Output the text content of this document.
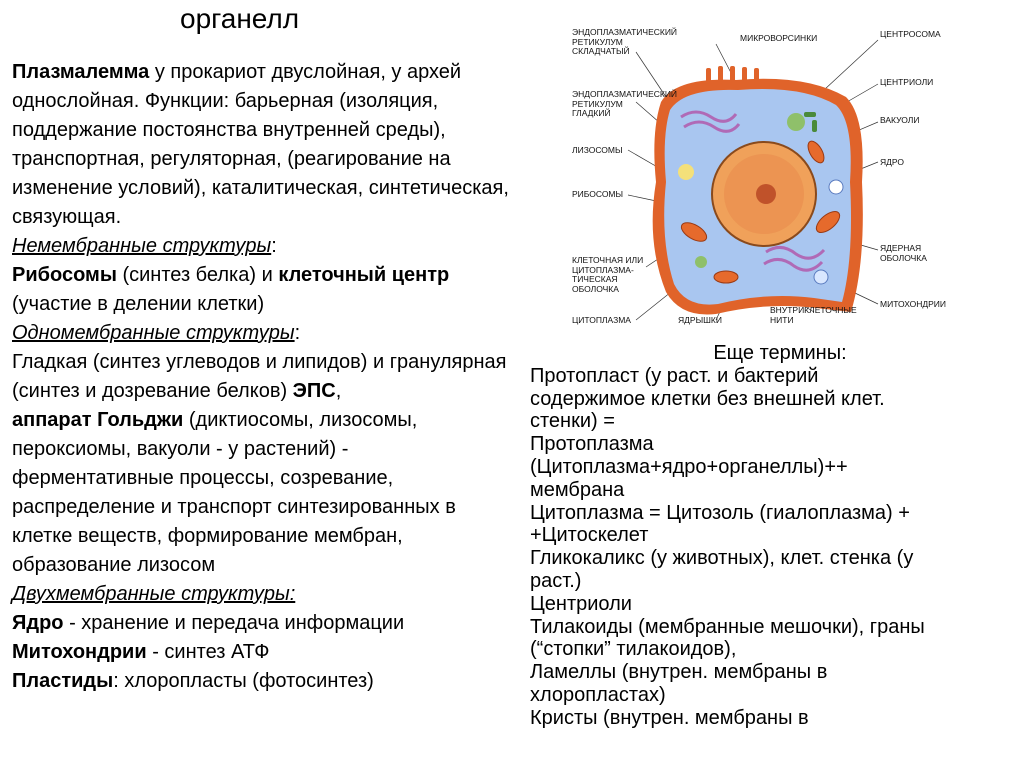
органелл

Плазмалемма у прокариот двуслойная, у архей однослойная. Функции: барьерная (изоляция, поддержание постоянства внутренней среды), транспортная, регуляторная, (реагирование на изменение условий), каталитическая, синтетическая, связующая.

Немембранные структуры:

Рибосомы (синтез белка) и клеточный центр (участие в делении клетки)

Одномембранные структуры:

Гладкая (синтез углеводов и липидов) и гранулярная (синтез и дозревание белков) ЭПС,

аппарат Гольджи (диктиосомы, лизосомы, пероксиомы, вакуоли - у растений) - ферментативные процессы, созревание, распределение и транспорт синтезированных в клетке веществ, формирование мембран, образование лизосом

Двухмембранные структуры:

Ядро - хранение и передача информации

Митохондрии - синтез АТФ

Пластиды: хлоропласты (фотосинтез)

ЭНДОПЛАЗМАТИЧЕСКИЙ
РЕТИКУЛУМ
СКЛАДЧАТЫЙ
МИКРОВОРСИНКИ	ЦЕНТРОСОМА
ЦЕНТРИОЛИ
ЭНДОПЛАЗМАТИЧЕСКИЙ
РЕТИКУЛУМ
ГЛАДКИЙ
ВАКУОЛИ
ЛИЗОСОМЫ
ЯДРО
РИБОСОМЫ
КЛЕТОЧНАЯ ИЛИ
ЦИТОПЛАЗМА-
ТИЧЕСКАЯ
ОБОЛОЧКА
ЯДЕРНАЯ
ОБОЛОЧКА
ЦИТОПЛАЗМА	ЯДРЫШКИ
ВНУТРИКЛЕТОЧНЫЕ
НИТИ
МИТОХОНДРИИ

Еще термины:

Протопласт (у раст. и бактерий

содержимое клетки без внешней клет.

стенки) =

Протоплазма

(Цитоплазма+ядро+органеллы)++

мембрана

Цитоплазма = Цитозоль (гиалоплазма) +

+Цитоскелет

Гликокаликс (у животных), клет. стенка (у

раст.)

Центриоли

Тилакоиды (мембранные мешочки), граны

(“стопки” тилакоидов),

Ламеллы (внутрен. мембраны в

хлоропластах)

Кристы (внутрен. мембраны в
